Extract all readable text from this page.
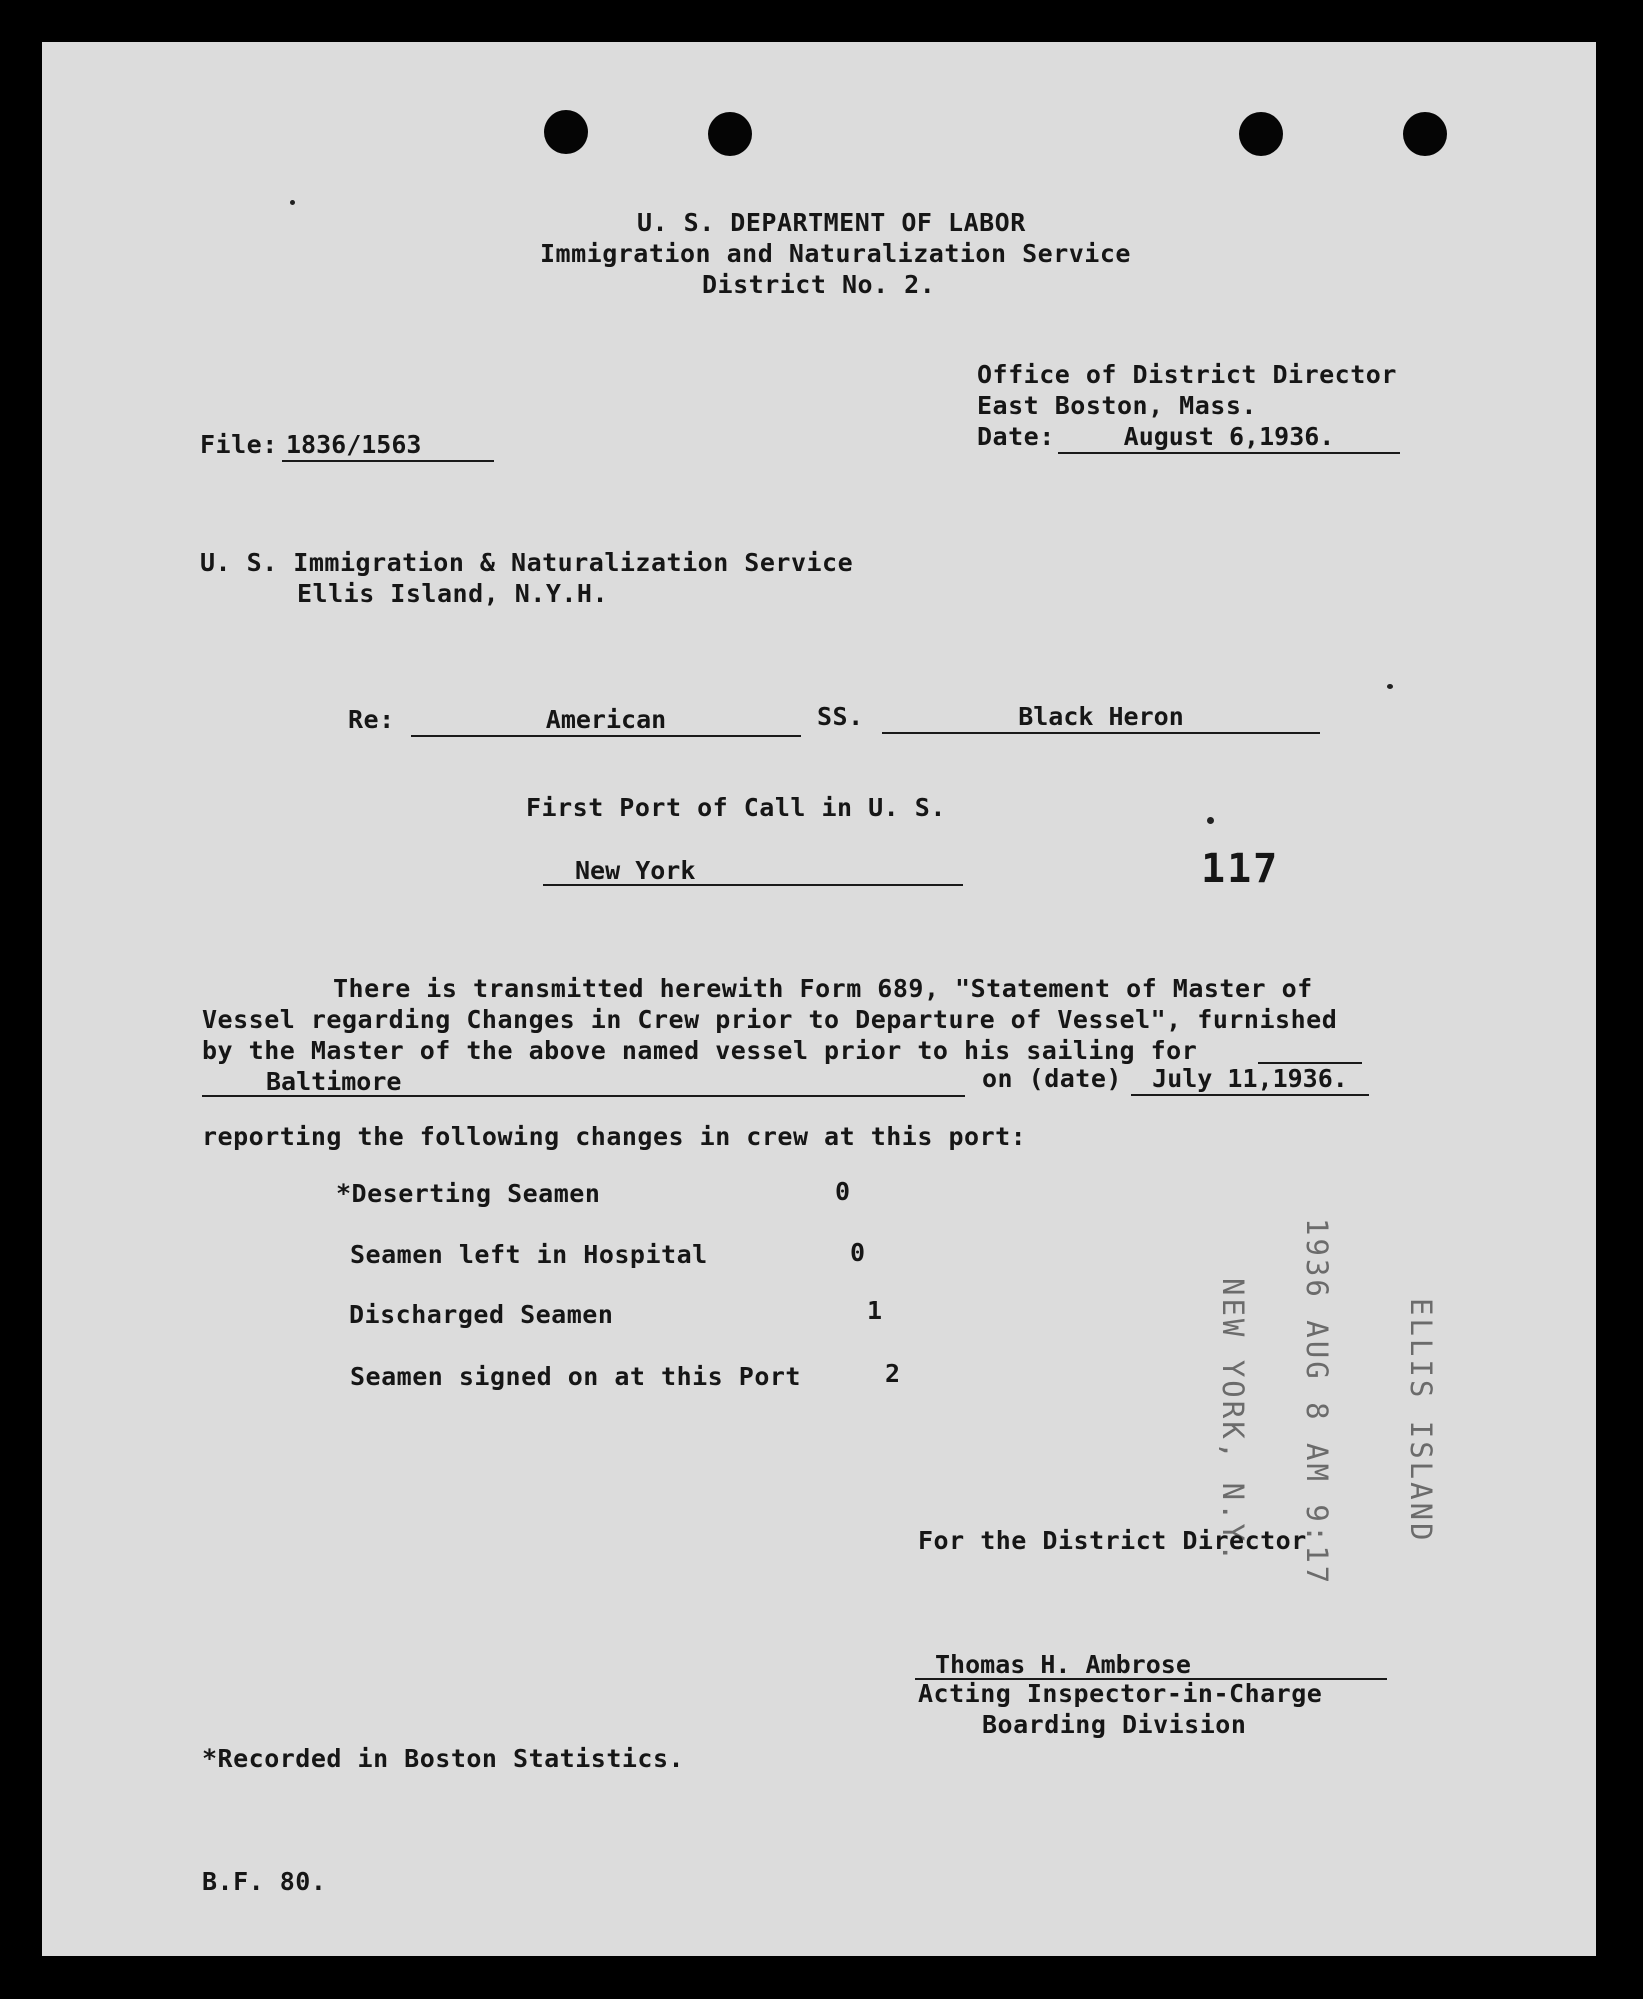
U. S. DEPARTMENT OF LABOR
Immigration and Naturalization Service
District No. 2.
Office of District Director
East Boston, Mass.
Date:	August 6,1936.
File: 1836/1563
U. S. Immigration & Naturalization Service
Ellis Island, N.Y.H.
Re:	American	SS.	Black Heron
First Port of Call in U. S.
New York	117
There is transmitted herewith Form 689, "Statement of Master of
Vessel regarding Changes in Crew prior to Departure of Vessel", furnished
by the Master of the above named vessel prior to his sailing for
Baltimore	on (date)	July 11,1936.
reporting the following changes in crew at this port:
*Deserting Seamen	0
Seamen left in Hospital	0
Discharged Seamen	1
Seamen signed on at this Port	2	NEW YORK, N.Y. 1936 AUG 8 AM 9:17 ELLIS ISLAND
For the District Director
Thomas H. Ambrose
Acting Inspector-in-Charge
Boarding Division
*Recorded in Boston Statistics.
B.F. 80.
